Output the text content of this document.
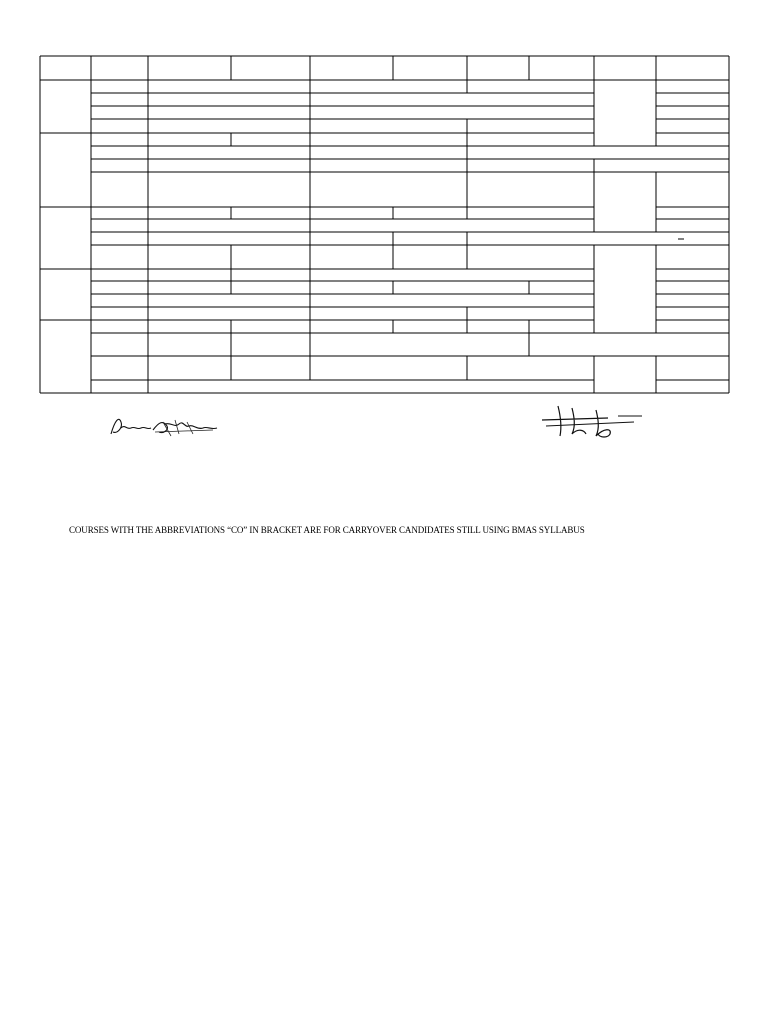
COURSES WITH THE ABBREVIATIONS “CO” IN BRACKET ARE FOR CARRYOVER CANDIDATES STILL USING BMAS SYLLABUS
